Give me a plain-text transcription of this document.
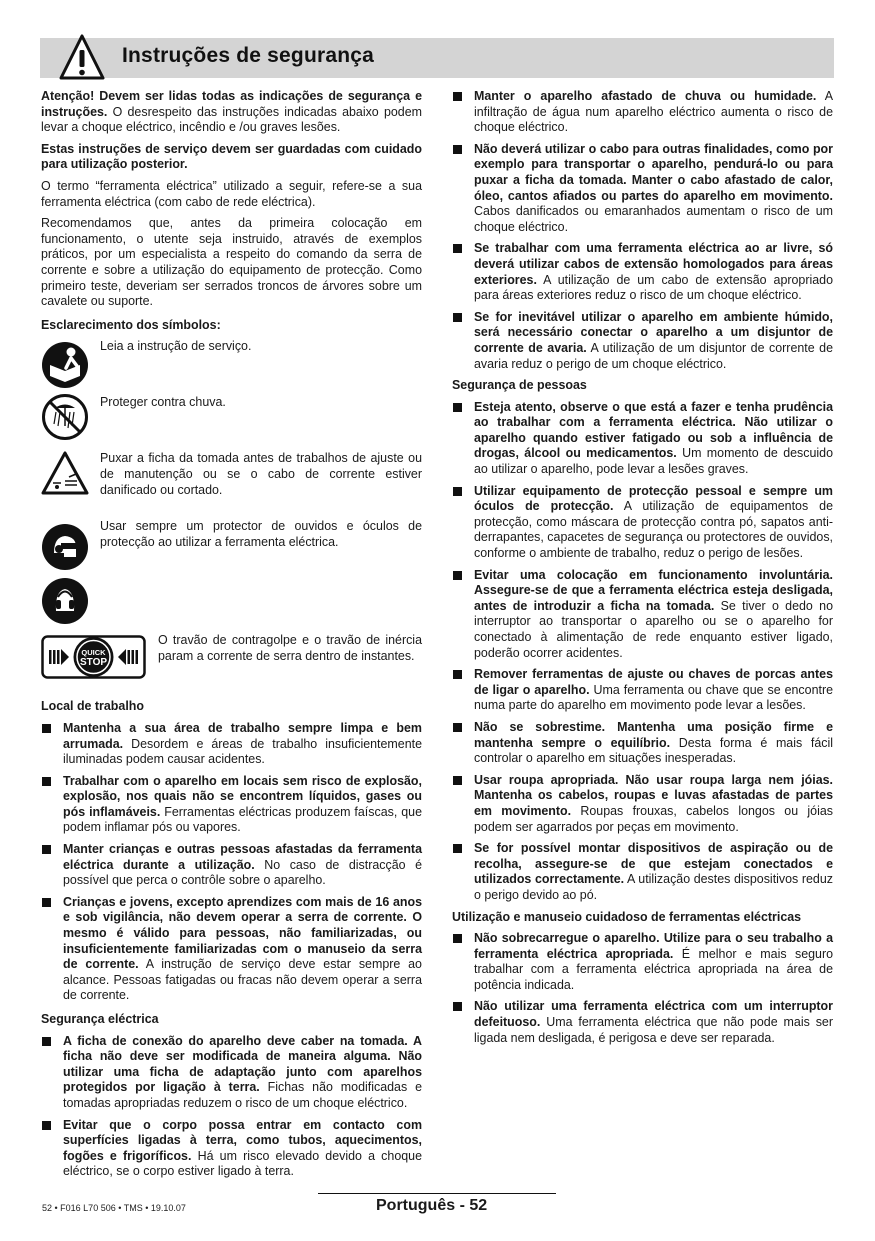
Instruções de segurança

Atenção! Devem ser lidas todas as indicações de segurança e instruções. O desrespeito das instruções indicadas abaixo podem levar a choque eléctrico, incêndio e /ou graves lesões.

Estas instruções de serviço devem ser guardadas com cuidado para utilização posterior.

O termo “ferramenta eléctrica” utilizado a seguir, refere-se a sua ferramenta eléctrica (com cabo de rede eléctrica).

Recomendamos que, antes da primeira colocação em funcionamento, o utente seja instruido, através de exemplos práticos, por um especialista a respeito do comando da serra de corrente e sobre a utilização do equipamento de protecção. Como primeiro teste, deveriam ser serrados troncos de árvores sobre um cavalete ou suporte.

Esclarecimento dos símbolos:
Leia a instrução de serviço.
Proteger contra chuva.
Puxar a ficha da tomada antes de trabalhos de ajuste ou de manutenção ou se o cabo de corrente estiver danificado ou cortado.
Usar sempre um protector de ouvidos e óculos de protecção ao utilizar a ferramenta eléctrica.
QUICK
STOP
O travão de contragolpe e o travão de inércia param a corrente de serra dentro de instantes.
Local de trabalho
Mantenha a sua área de trabalho sempre limpa e bem arrumada. Desordem e áreas de trabalho insuficientemente iluminadas podem causar acidentes.
Trabalhar com o aparelho em locais sem risco de explosão, explosão, nos quais não se encontrem líquidos, gases ou pós inflamáveis. Ferramentas eléctricas produzem faíscas, que podem inflamar pós ou vapores.
Manter crianças e outras pessoas afastadas da ferramenta eléctrica durante a utilização. No caso de distracção é possível que perca o contrôle sobre o aparelho.
Crianças e jovens, excepto aprendizes com mais de 16 anos e sob vigilância, não devem operar a serra de corrente. O mesmo é válido para pessoas, não familiarizadas, ou insuficientemente familiarizadas com o manuseio da serra de corrente. A instrução de serviço deve estar sempre ao alcance. Pessoas fatigadas ou fracas não devem operar a serra de corrente.
Segurança eléctrica
A ficha de conexão do aparelho deve caber na tomada. A ficha não deve ser modificada de maneira alguma. Não utilizar uma ficha de adaptação junto com aparelhos protegidos por ligação à terra. Fichas não modificadas e tomadas apropriadas reduzem o risco de um choque eléctrico.
Evitar que o corpo possa entrar em contacto com superfícies ligadas à terra, como tubos, aquecimentos, fogões e frigoríficos. Há um risco elevado devido a choque eléctrico, se o corpo estiver ligado à terra.
Manter o aparelho afastado de chuva ou humidade. A infiltração de água num aparelho eléctrico aumenta o risco de choque eléctrico.
Não deverá utilizar o cabo para outras finalidades, como por exemplo para transportar o aparelho, pendurá-lo ou para puxar a ficha da tomada. Manter o cabo afastado de calor, óleo, cantos afiados ou partes do aparelho em movimento. Cabos danificados ou emaranhados aumentam o risco de um choque eléctrico.
Se trabalhar com uma ferramenta eléctrica ao ar livre, só deverá utilizar cabos de extensão homologados para áreas exteriores. A utilização de um cabo de extensão apropriado para áreas exteriores reduz o risco de um choque eléctrico.
Se for inevitável utilizar o aparelho em ambiente húmido, será necessário conectar o aparelho a um disjuntor de corrente de avaria. A utilização de um disjuntor de corrente de avaria reduz o perigo de um choque eléctrico.
Segurança de pessoas
Esteja atento, observe o que está a fazer e tenha prudência ao trabalhar com a ferramenta eléctrica. Não utilizar o aparelho quando estiver fatigado ou sob a influência de drogas, álcool ou medicamentos. Um momento de descuido ao utilizar o aparelho, pode levar a lesões graves.
Utilizar equipamento de protecção pessoal e sempre um óculos de protecção. A utilização de equipamentos de protecção, como máscara de protecção contra pó, sapatos anti-derrapantes, capacetes de segurança ou protectores de ouvidos, conforme o ambiente de trabalho, reduz o perigo de lesões.
Evitar uma colocação em funcionamento involuntária. Assegure-se de que a ferramenta eléctrica esteja desligada, antes de introduzir a ficha na tomada. Se tiver o dedo no interruptor ao transportar o aparelho ou se o aparelho for conectado à alimentação de rede enquanto estiver ligado, poderão ocorrer acidentes.
Remover ferramentas de ajuste ou chaves de porcas antes de ligar o aparelho. Uma ferramenta ou chave que se encontre numa parte do aparelho em movimento pode levar a lesões.
Não se sobrestime. Mantenha uma posição firme e mantenha sempre o equilíbrio. Desta forma é mais fácil controlar o aparelho em situações inesperadas.
Usar roupa apropriada. Não usar roupa larga nem jóias. Mantenha os cabelos, roupas e luvas afastadas de partes em movimento. Roupas frouxas, cabelos longos ou jóias podem ser agarrados por peças em movimento.
Se for possível montar dispositivos de aspiração ou de recolha, assegure-se de que estejam conectados e utilizados correctamente. A utilização destes dispositivos reduz o perigo devido ao pó.
Utilização e manuseio cuidadoso de ferramentas eléctricas
Não sobrecarregue o aparelho. Utilize para o seu trabalho a ferramenta eléctrica apropriada. É melhor e mais seguro trabalhar com a ferramenta eléctrica apropriada na área de potência indicada.
Não utilizar uma ferramenta eléctrica com um interruptor defeituoso. Uma ferramenta eléctrica que não pode mais ser ligada nem desligada, é perigosa e deve ser reparada.
52 • F016 L70 506 • TMS • 19.10.07	Português - 52
